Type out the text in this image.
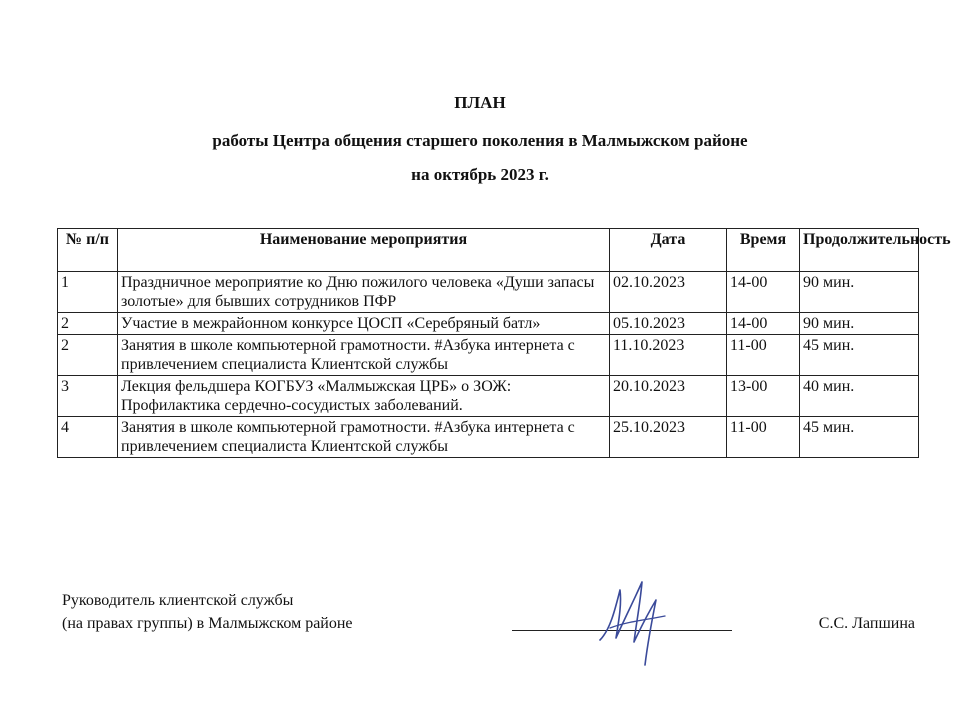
ПЛАН
работы Центра общения старшего поколения в Малмыжском районе
на октябрь 2023 г.
№ п/п	Наименование мероприятия	Дата	Время	Продолжительность
1	Праздничное мероприятие ко Дню пожилого человека «Души запасы золотые» для бывших сотрудников ПФР	02.10.2023	14-00	90 мин.
2	Участие в межрайонном конкурсе ЦОСП «Серебряный батл»	05.10.2023	14-00	90 мин.
2	Занятия в школе компьютерной грамотности. #Азбука интернета с привлечением специалиста Клиентской службы	11.10.2023	11-00	45 мин.
3	Лекция фельдшера КОГБУЗ «Малмыжская ЦРБ» о ЗОЖ: Профилактика сердечно-сосудистых заболеваний.	20.10.2023	13-00	40 мин.
4	Занятия в школе компьютерной грамотности. #Азбука интернета с привлечением специалиста Клиентской службы	25.10.2023	11-00	45 мин.
Руководитель клиентской службы
(на правах группы) в Малмыжском районе	С.С. Лапшина
